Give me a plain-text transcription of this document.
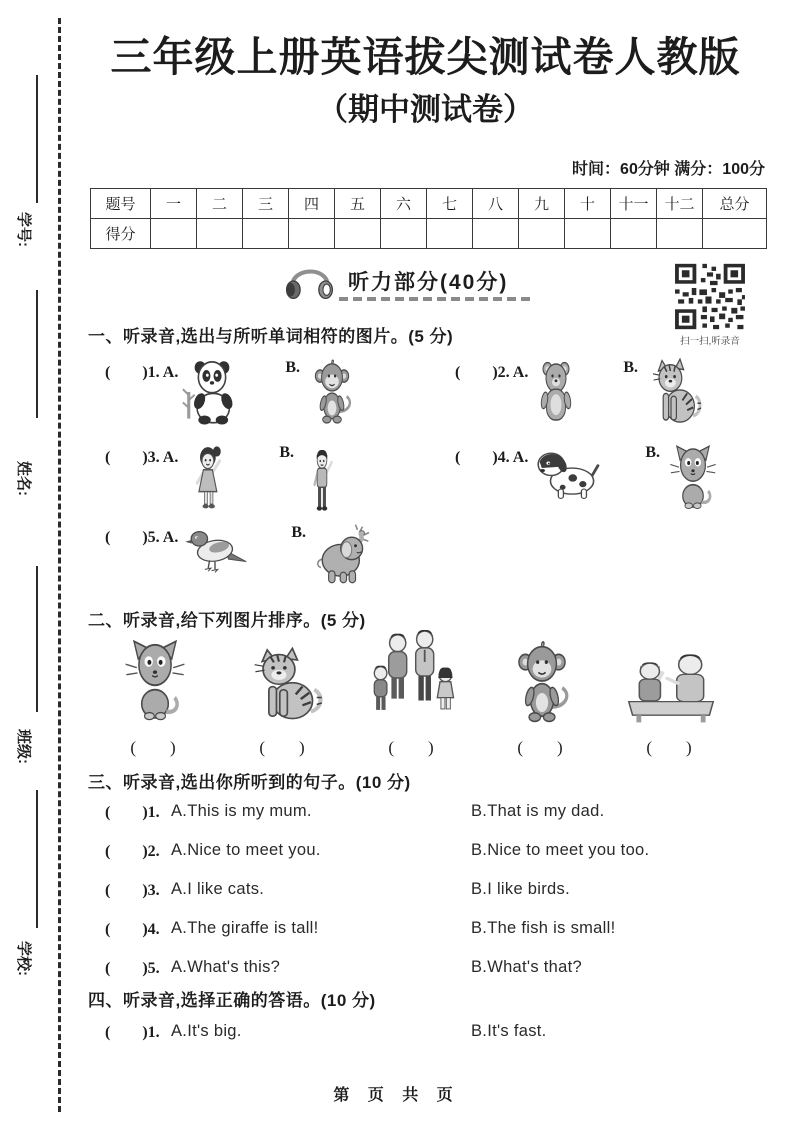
学号:
姓名:
班级:
学校:
三年级上册英语拔尖测试卷人教版
（期中测试卷）
时间：60分钟 满分：100分
题号	一	二	三	四	五	六	七	八	九	十	十一	十二	总分
得分													
听力部分(40分)
扫一扫,听录音
一、听录音,选出与所听单词相符的图片。(5 分)
(　　)1. A.	B.	(　　)2. A.	B.
(　　)3. A.	B.	(　　)4. A.	B.
(　　)5. A.	B.
二、听录音,给下列图片排序。(5 分)
(　　)	(　　)	(　　)	(　　)	(　　)
三、听录音,选出你所听到的句子。(10 分)
(　　)1. A.This is my mum.	B.That is my dad.
(　　)2. A.Nice to meet you.	B.Nice to meet you too.
(　　)3. A.I like cats.	B.I like birds.
(　　)4. A.The giraffe is tall!	B.The fish is small!
(　　)5. A.What's this?	B.What's that?
四、听录音,选择正确的答语。(10 分)
(　　)1. A.It's big.	B.It's fast.
第 页 共 页
